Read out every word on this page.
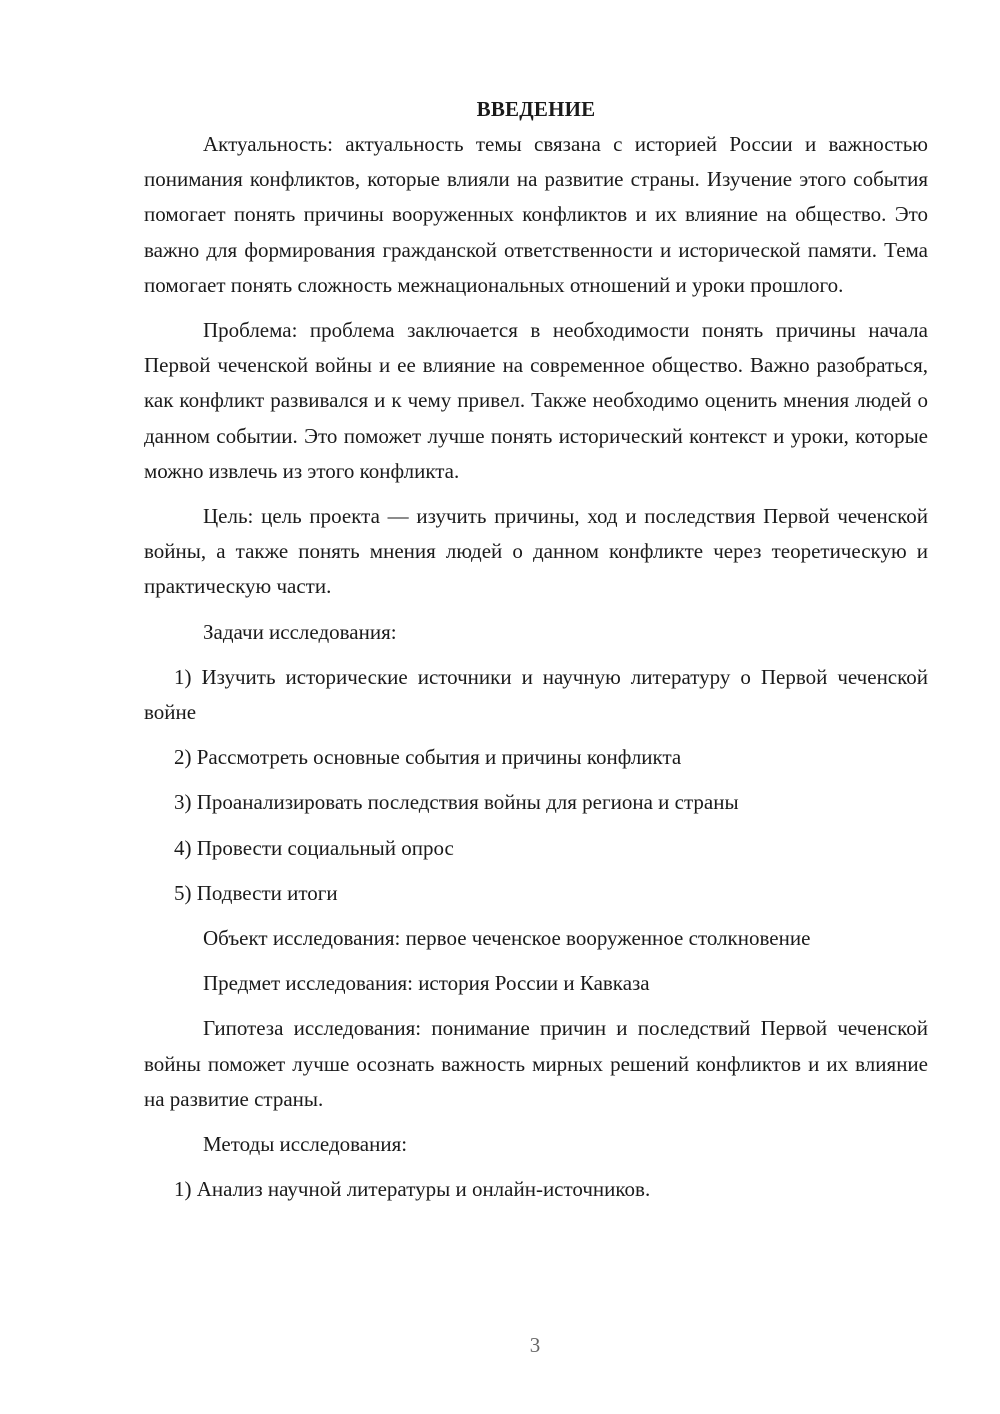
ВВЕДЕНИЕ

Актуальность: актуальность темы связана с историей России и важностью понимания конфликтов, которые влияли на развитие страны. Изучение этого события помогает понять причины вооруженных конфликтов и их влияние на общество. Это важно для формирования гражданской ответственности и исторической памяти. Тема помогает понять сложность межнациональных отношений и уроки прошлого.

Проблема: проблема заключается в необходимости понять причины начала Первой чеченской войны и ее влияние на современное общество. Важно разобраться, как конфликт развивался и к чему привел. Также необходимо оценить мнения людей о данном событии. Это поможет лучше понять исторический контекст и уроки, которые можно извлечь из этого конфликта.

Цель: цель проекта — изучить причины, ход и последствия Первой чеченской войны, а также понять мнения людей о данном конфликте через теоретическую и практическую части.

Задачи исследования:

1) Изучить исторические источники и научную литературу о Первой чеченской войне

2) Рассмотреть основные события и причины конфликта
3) Проанализировать последствия войны для региона и страны
4) Провести социальный опрос
5) Подвести итоги
Объект исследования: первое чеченское вооруженное столкновение
Предмет исследования: история России и Кавказа

Гипотеза исследования: понимание причин и последствий Первой чеченской войны поможет лучше осознать важность мирных решений конфликтов и их влияние на развитие страны.

Методы исследования:
1) Анализ научной литературы и онлайн-источников.
3
